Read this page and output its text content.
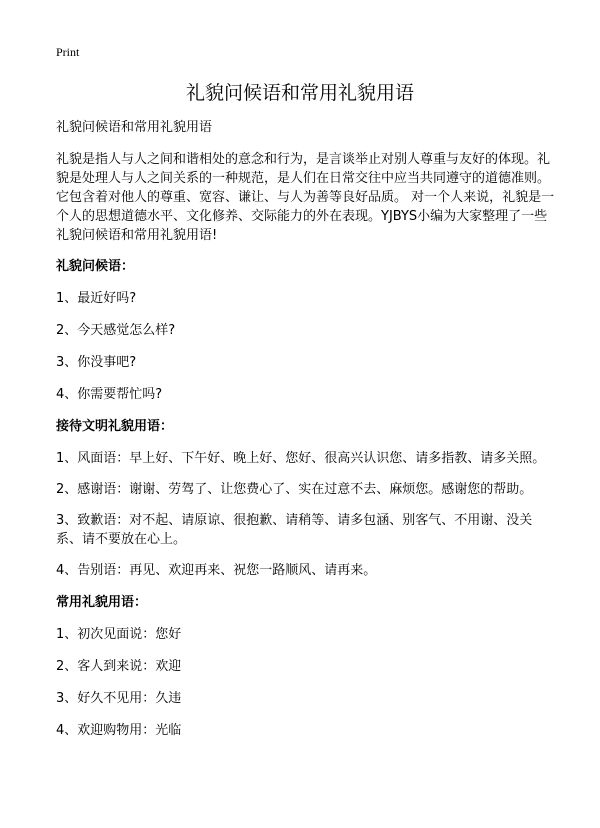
Print
礼貌问候语和常用礼貌用语

礼貌问候语和常用礼貌用语

礼貌是指人与人之间和谐相处的意念和行为，是言谈举止对别人尊重与友好的体现。礼貌是处理人与人之间关系的一种规范，是人们在日常交往中应当共同遵守的道德准则。它包含着对他人的尊重、宽容、谦让、与人为善等良好品质。 对一个人来说，礼貌是一个人的思想道德水平、文化修养、交际能力的外在表现。YJBYS小编为大家整理了一些礼貌问候语和常用礼貌用语!

礼貌问候语：

1、最近好吗?

2、今天感觉怎么样?

3、你没事吧?

4、你需要帮忙吗?

接待文明礼貌用语：

1、风面语：早上好、下午好、晚上好、您好、很高兴认识您、请多指教、请多关照。

2、感谢语：谢谢、劳驾了、让您费心了、实在过意不去、麻烦您。感谢您的帮助。

3、致歉语：对不起、请原谅、很抱歉、请稍等、请多包涵、别客气、不用谢、没关系、请不要放在心上。

4、告别语：再见、欢迎再来、祝您一路顺风、请再来。

常用礼貌用语：

1、初次见面说：您好

2、客人到来说：欢迎

3、好久不见用：久违

4、欢迎购物用：光临
